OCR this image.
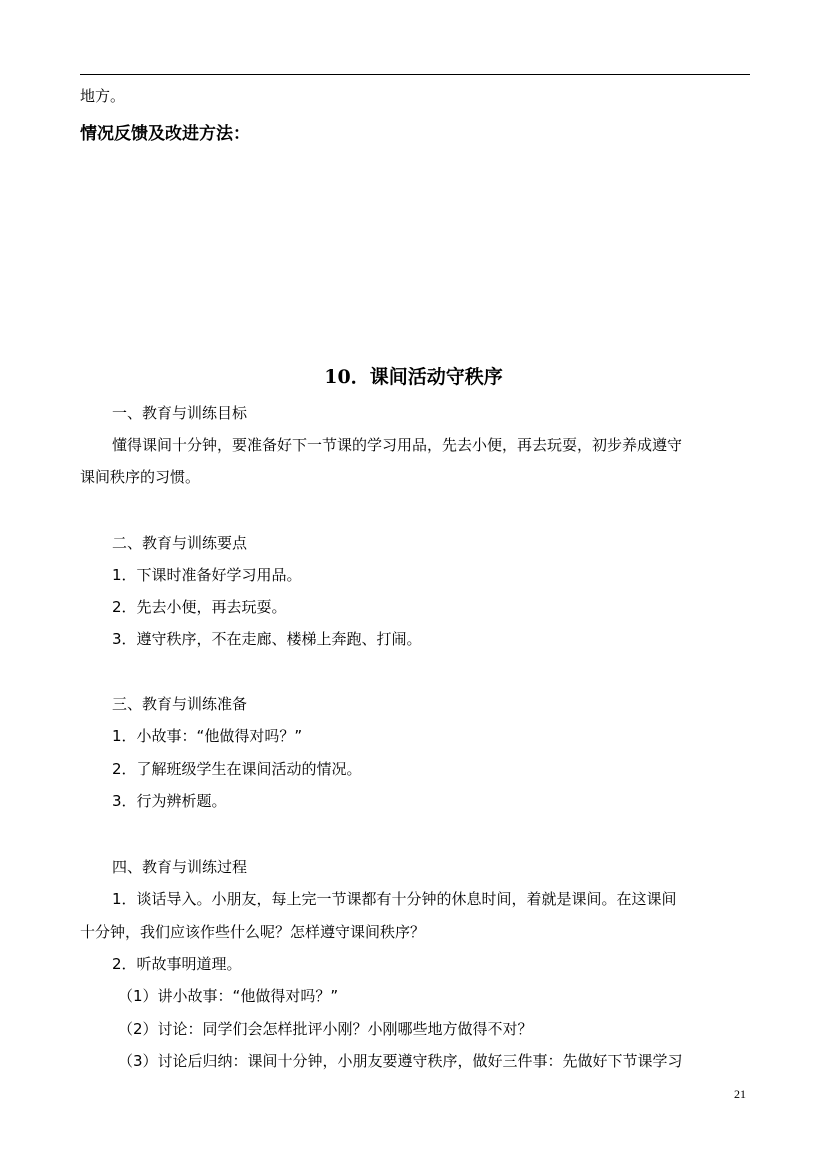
地方。
情况反馈及改进方法：
10．课间活动守秩序
一、教育与训练目标
懂得课间十分钟，要准备好下一节课的学习用品，先去小便，再去玩耍，初步养成遵守
课间秩序的习惯。
二、教育与训练要点
1．下课时准备好学习用品。
2．先去小便，再去玩耍。
3．遵守秩序，不在走廊、楼梯上奔跑、打闹。
三、教育与训练准备
1．小故事：“他做得对吗？”
2．了解班级学生在课间活动的情况。
3．行为辨析题。
四、教育与训练过程
1．谈话导入。小朋友，每上完一节课都有十分钟的休息时间，着就是课间。在这课间
十分钟，我们应该作些什么呢？怎样遵守课间秩序？
2．听故事明道理。
（1）讲小故事：“他做得对吗？”
（2）讨论：同学们会怎样批评小刚？小刚哪些地方做得不对？
（3）讨论后归纳：课间十分钟，小朋友要遵守秩序，做好三件事：先做好下节课学习
21
